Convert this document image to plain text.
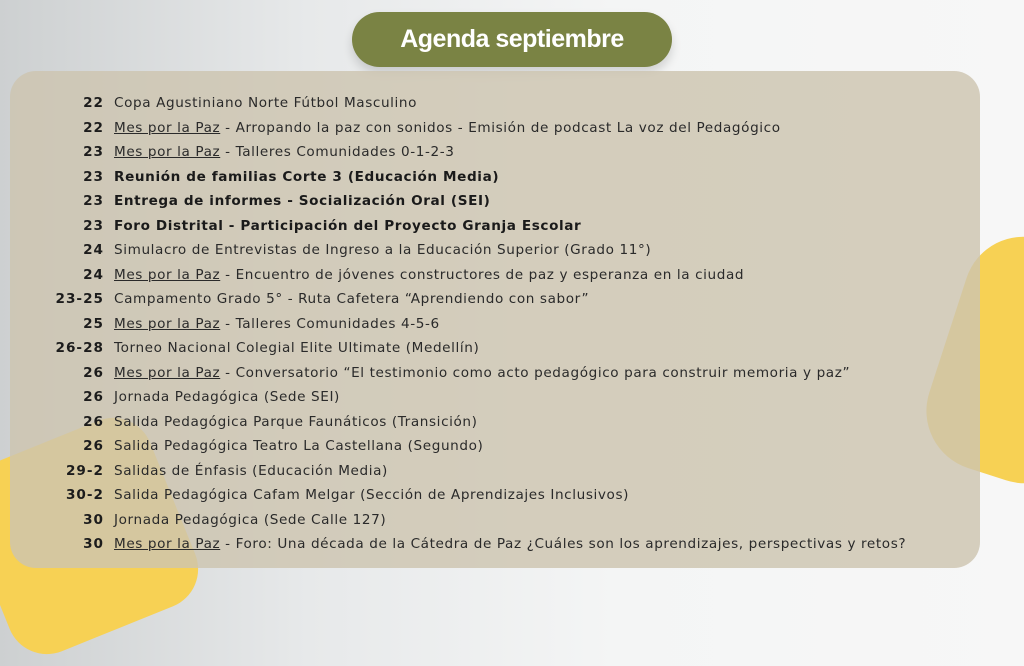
Agenda septiembre
22 Copa Agustiniano Norte Fútbol Masculino
22 Mes por la Paz - Arropando la paz con sonidos - Emisión de podcast La voz del Pedagógico
23 Mes por la Paz - Talleres Comunidades 0-1-2-3
23 Reunión de familias Corte 3 (Educación Media)
23 Entrega de informes - Socialización Oral (SEI)
23 Foro Distrital - Participación del Proyecto Granja Escolar
24 Simulacro de Entrevistas de Ingreso a la Educación Superior (Grado 11°)
24 Mes por la Paz - Encuentro de jóvenes constructores de paz y esperanza en la ciudad
23-25 Campamento Grado 5° - Ruta Cafetera “Aprendiendo con sabor”
25 Mes por la Paz - Talleres Comunidades 4-5-6
26-28 Torneo Nacional Colegial Elite Ultimate (Medellín)
26 Mes por la Paz - Conversatorio “El testimonio como acto pedagógico para construir memoria y paz”
26 Jornada Pedagógica (Sede SEI)
26 Salida Pedagógica Parque Faunáticos (Transición)
26 Salida Pedagógica Teatro La Castellana (Segundo)
29-2 Salidas de Énfasis (Educación Media)
30-2 Salida Pedagógica Cafam Melgar (Sección de Aprendizajes Inclusivos)
30 Jornada Pedagógica (Sede Calle 127)
30 Mes por la Paz - Foro: Una década de la Cátedra de Paz ¿Cuáles son los aprendizajes, perspectivas y retos?
